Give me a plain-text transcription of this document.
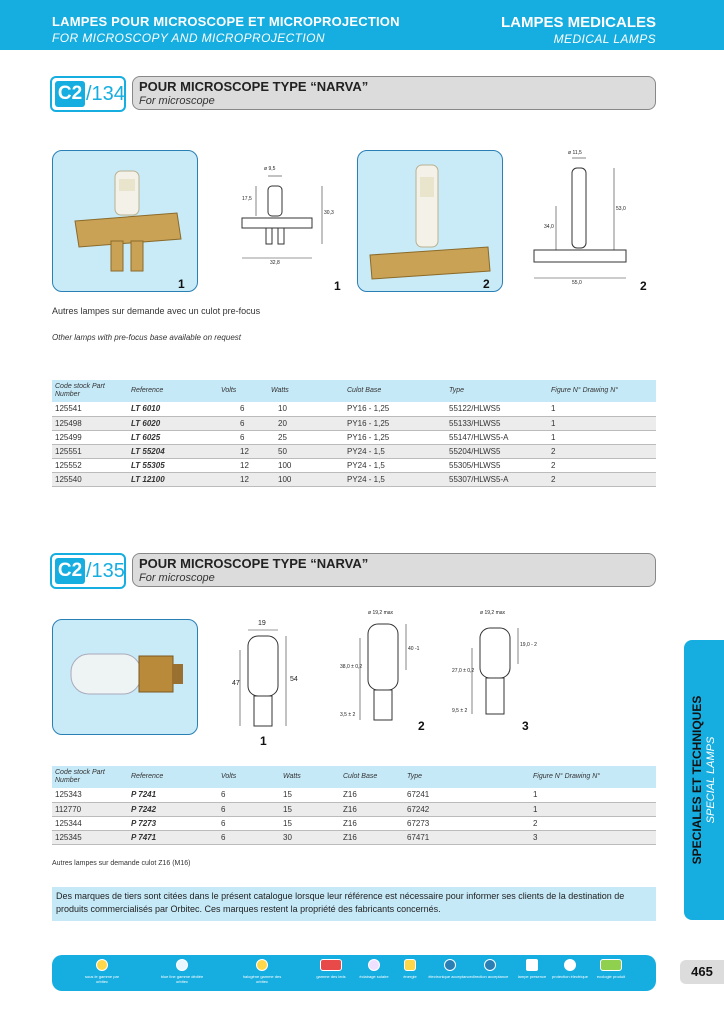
LAMPES POUR MICROSCOPE ET MICROPROJECTION
FOR MICROSCOPY AND MICROPROJECTION
LAMPES MEDICALES
MEDICAL LAMPS
C2 /134 POUR MICROSCOPE TYPE “NARVA”
For microscope
1
ø 9,5
17,5
30,3
32,8
1	2
ø 11,5
34,0
53,0
55,0	2
Autres lampes sur demande avec un culot pre-focus
Other lamps with pre-focus base available on request
Code stock Part Number	Reference	Volts	Watts	Culot Base	Type	Figure N° Drawing N°
125541	LT 6010	6	10	PY16 - 1,25	55122/HLWS5	1
125498	LT 6020	6	20	PY16 - 1,25	55133/HLWS5	1
125499	LT 6025	6	25	PY16 - 1,25	55147/HLWS5-A	1
125551	LT 55204	12	50	PY24 - 1,5	55204/HLWS5	2
125552	LT 55305	12	100	PY24 - 1,5	55305/HLWS5	2
125540	LT 12100	12	100	PY24 - 1,5	55307/HLWS5-A	2
C2 /135 POUR MICROSCOPE TYPE “NARVA”
For microscope
19
47
54
1
ø 19,2 max
38,0 ± 0,2
40 -1
3,5 ± 2
2
ø 19,2 max
27,0 ± 0,2
19,0 - 2
9,5 ± 2
3
Code stock Part Number	Reference	Volts	Watts	Culot Base	Type	Figure N° Drawing N°
125343	P 7241	6	15	Z16	67241	1
112770	P 7242	6	15	Z16	67242	1
125344	P 7273	6	15	Z16	67273	2
125345	P 7471	6	30	Z16	67471	3
Autres lampes sur demande culot Z16 (M16)
Des marques de tiers sont citées dans le présent catalogue lorsque leur référence est nécessaire pour informer ses clients de la destination de produits commercialisés par Orbitec. Ces marques restent la propriété des fabricants concernés.
SPECIALES ET TECHNIQUES SPECIAL LAMPS
sous le gamme par orbitec
blue line gamme dédiée orbitec
halogène gamme des orbitec
gamme des leds	éclairage solaire	énergie	électronique acceptance direction acceptance	lampe presence	protection électrique	ecologie produit	465
